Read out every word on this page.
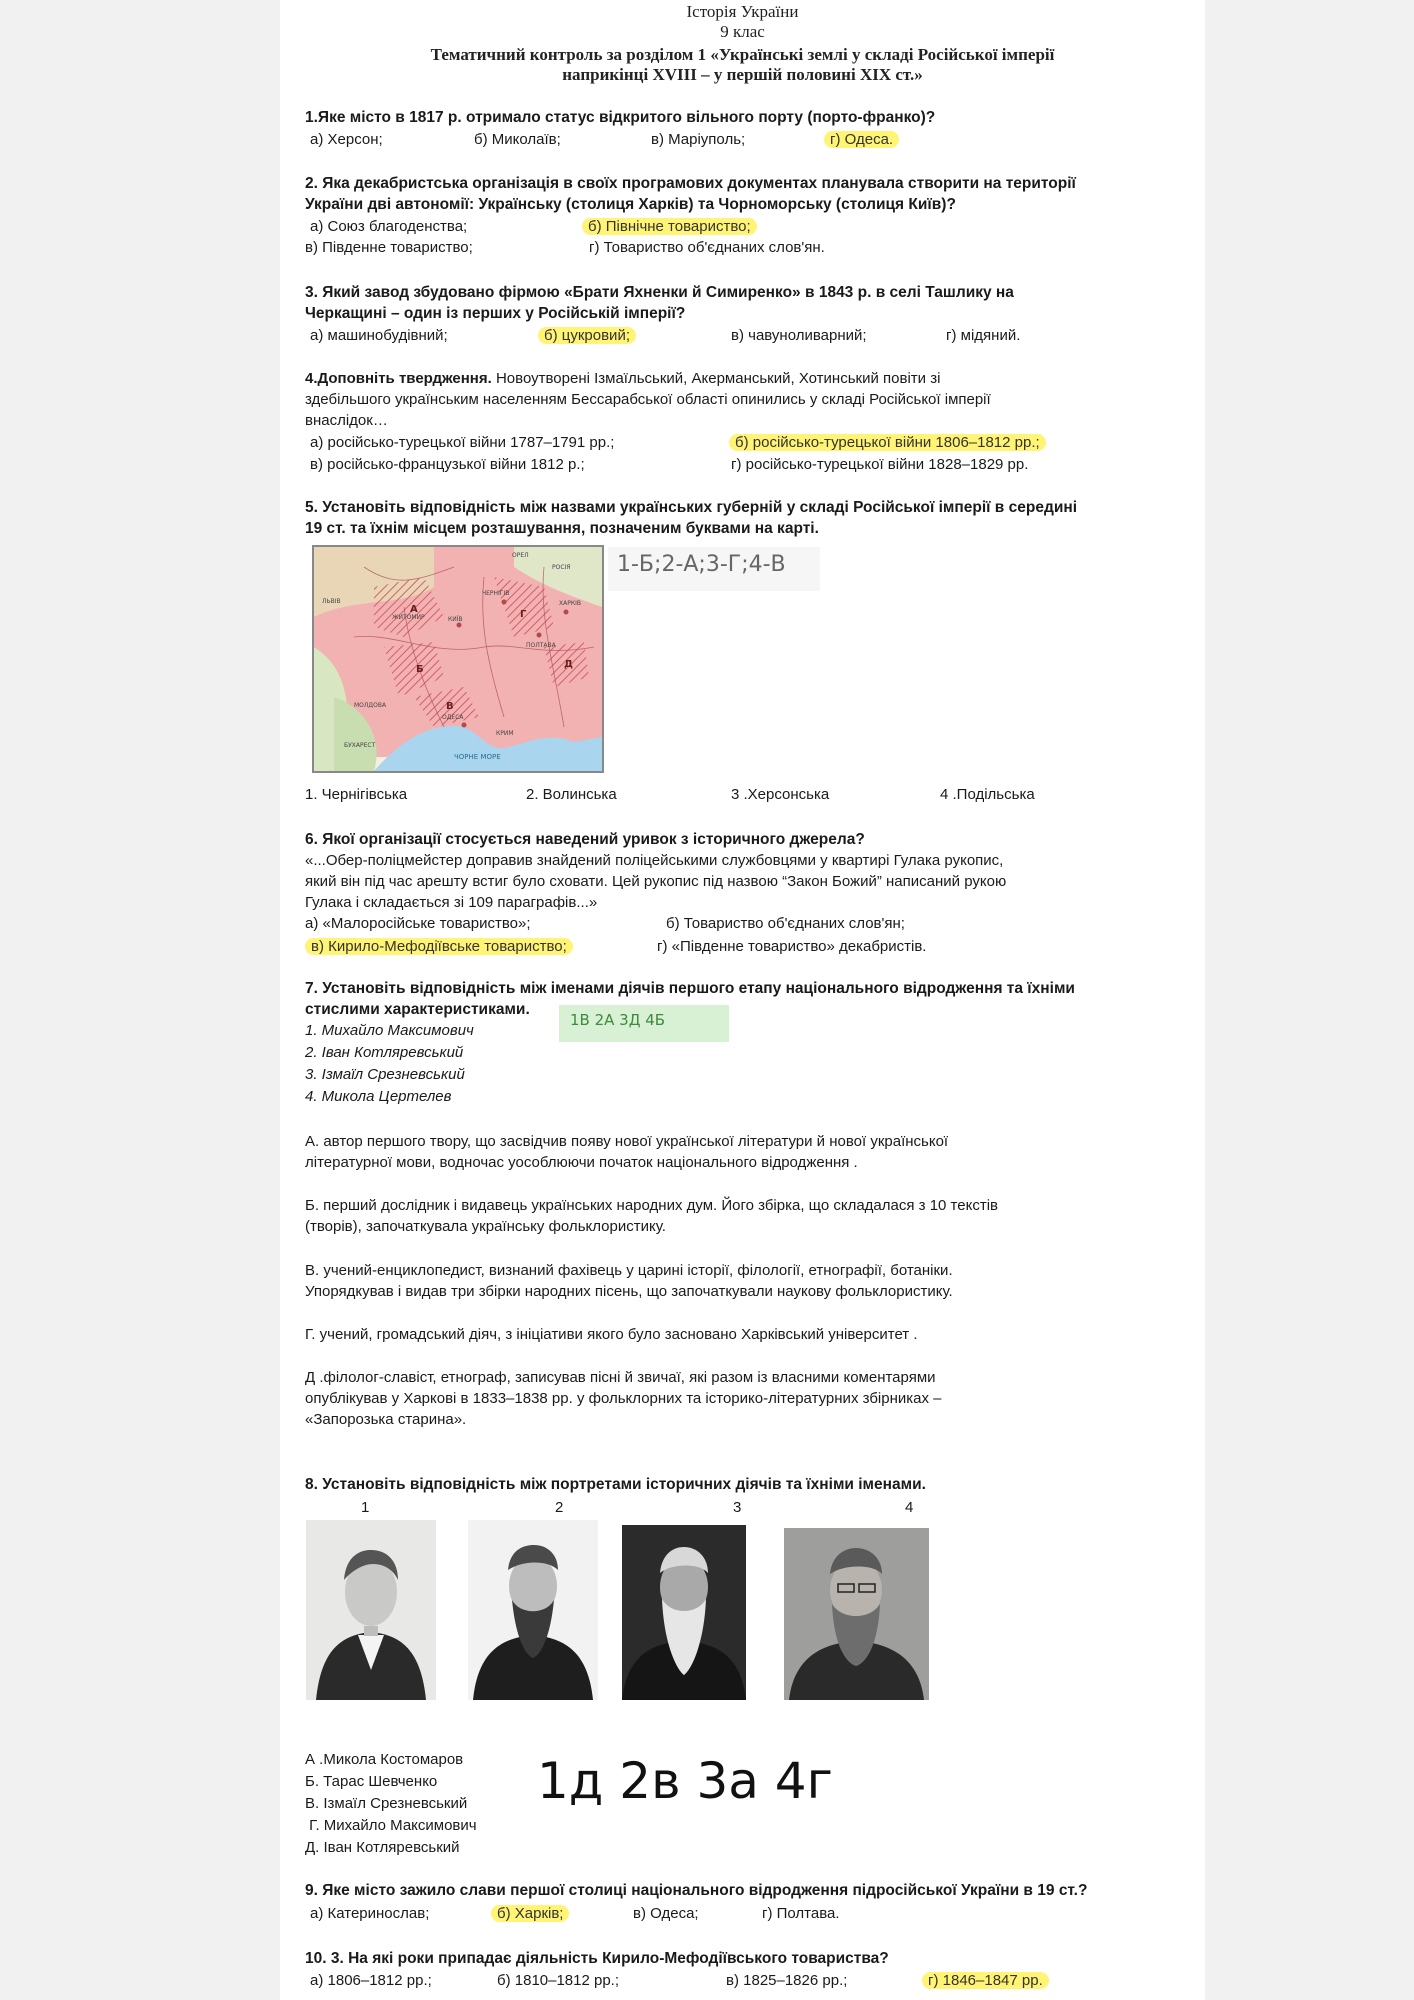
Історія України
9 клас
Тематичний контроль за розділом 1 «Українські землі у складі Російської імперії
наприкінці XVIII – у першій половині XIX ст.»
1.Яке місто в 1817 р. отримало статус відкритого вільного порту (порто-франко)?
а) Херсон;	б) Миколаїв;	в) Маріуполь;	г) Одеса.
2. Яка декабристська організація в своїх програмових документах планувала створити на території
України дві автономії: Українську (столиця Харків) та Чорноморську (столиця Київ)?
а) Союз благоденства;	б) Північне товариство;
в) Південне товариство;	г) Товариство об'єднаних слов'ян.
3. Який завод збудовано фірмою «Брати Яхненки й Симиренко» в 1843 р. в селі Ташлику на
Черкащині – один із перших у Російській імперії?
а) машинобудівний;	б) цукровий;	в) чавуноливарний;	г) мідяний.
4.Доповніть твердження. Новоутворені Ізмаїльський, Акерманський, Хотинський повіти зі
здебільшого українським населенням Бессарабської області опинились у складі Російської імперії
внаслідок…
а) російсько-турецької війни 1787–1791 рр.;	б) російсько-турецької війни 1806–1812 рр.;
в) російсько-французької війни 1812 р.;	г) російсько-турецької війни 1828–1829 рр.
5. Установіть відповідність між назвами українських губерній у складі Російської імперії в середині
19 ст. та їхнім місцем розташування, позначеним буквами на карті.
ОРЕЛ
РОСІЯ
КИЇВ
ЧЕРНІГІВ
ПОЛТАВА
ХАРКІВ
ЖИТОМИР
ЛЬВІВ
МОЛДОВА
ОДЕСА
ЧОРНЕ МОРЕ
КРИМ
БУХАРЕСТ
А
Б
В
Г
Д
1-Б;2-А;3-Г;4-В
1. Чернігівська	2. Волинська	3 .Херсонська	4 .Подільська
6. Якої організації стосується наведений уривок з історичного джерела?
«...Обер-поліцмейстер доправив знайдений поліцейськими службовцями у квартирі Гулака рукопис,
який він під час арешту встиг було сховати. Цей рукопис під назвою “Закон Божий” написаний рукою
Гулака і складається зі 109 параграфів...»
а) «Малоросійське товариство»;	б) Товариство об'єднаних слов'ян;
в) Кирило-Мефодіївське товариство;	г) «Південне товариство» декабристів.
7. Установіть відповідність між іменами діячів першого етапу національного відродження та їхніми
стислими характеристиками.
1В 2А 3Д 4Б
1. Михайло Максимович
2. Іван Котляревський
3. Ізмаїл Срезневський
4. Микола Цертелев
А. автор першого твору, що засвідчив появу нової української літератури й нової української
літературної мови, водночас уособлюючи початок національного відродження .
Б. перший дослідник і видавець українських народних дум. Його збірка, що складалася з 10 текстів
(творів), започаткувала українську фольклористику.
В. учений-енциклопедист, визнаний фахівець у царині історії, філології, етнографії, ботаніки.
Упорядкував і видав три збірки народних пісень, що започаткували наукову фольклористику.
Г. учений, громадський діяч, з ініціативи якого було засновано Харківський університет .
Д .філолог-славіст, етнограф, записував пісні й звичаї, які разом із власними коментарями
опублікував у Харкові в 1833–1838 рр. у фольклорних та історико-літературних збірниках –
«Запорозька старина».
8. Установіть відповідність між портретами історичних діячів та їхніми іменами.
1	2	3	4
А .Микола Костомаров
Б. Тарас Шевченко
В. Ізмаїл Срезневський
Г. Михайло Максимович
Д. Іван Котляревський
1д 2в 3а 4г
9. Яке місто зажило слави першої столиці національного відродження підросійської України в 19 ст.?
а) Катеринослав;	б) Харків;	в) Одеса;	г) Полтава.
10. 3. На які роки припадає діяльність Кирило-Мефодіївського товариства?
а) 1806–1812 рр.;	б) 1810–1812 рр.;	в) 1825–1826 рр.;	г) 1846–1847 рр.
